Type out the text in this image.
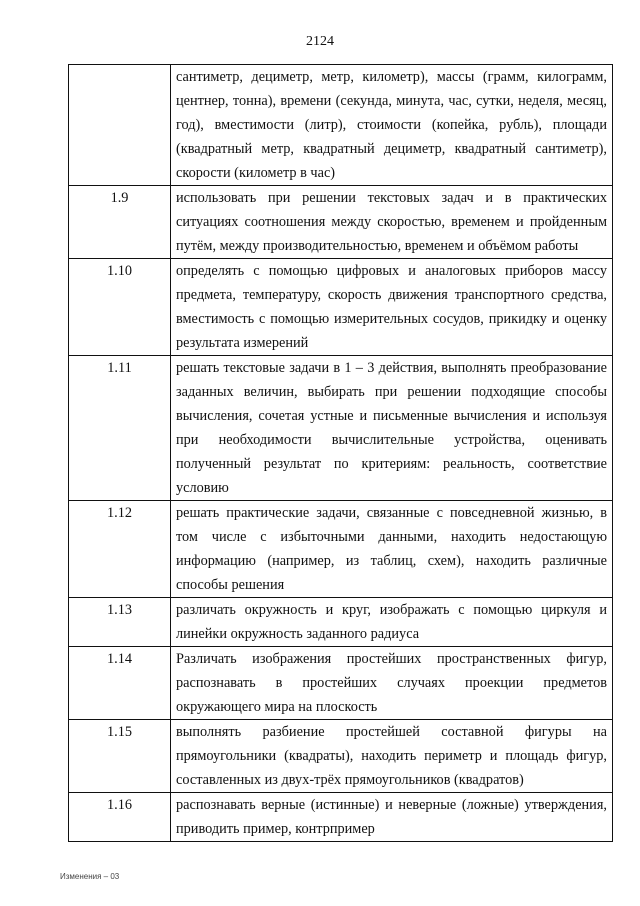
2124
	сантиметр, дециметр, метр, километр), массы (грамм, килограмм, центнер, тонна), времени (секунда, минута, час, сутки, неделя, месяц, год), вместимости (литр), стоимости (копейка, рубль), площади (квадратный метр, квадратный дециметр, квадратный сантиметр), скорости (километр в час)
1.9	использовать при решении текстовых задач и в практических ситуациях соотношения между скоростью, временем и пройденным путём, между производительностью, временем и объёмом работы
1.10	определять с помощью цифровых и аналоговых приборов массу предмета, температуру, скорость движения транспортного средства, вместимость с помощью измерительных сосудов, прикидку и оценку результата измерений
1.11	решать текстовые задачи в 1 – 3 действия, выполнять преобразование заданных величин, выбирать при решении подходящие способы вычисления, сочетая устные и письменные вычисления и используя при необходимости вычислительные устройства, оценивать полученный результат по критериям: реальность, соответствие условию
1.12	решать практические задачи, связанные с повседневной жизнью, в том числе с избыточными данными, находить недостающую информацию (например, из таблиц, схем), находить различные способы решения
1.13	различать окружность и круг, изображать с помощью циркуля и линейки окружность заданного радиуса
1.14	Различать изображения простейших пространственных фигур, распознавать в простейших случаях проекции предметов окружающего мира на плоскость
1.15	выполнять разбиение простейшей составной фигуры на прямоугольники (квадраты), находить периметр и площадь фигур, составленных из двух-трёх прямоугольников (квадратов)
1.16	распознавать верные (истинные) и неверные (ложные) утверждения, приводить пример, контрпример
Изменения – 03
